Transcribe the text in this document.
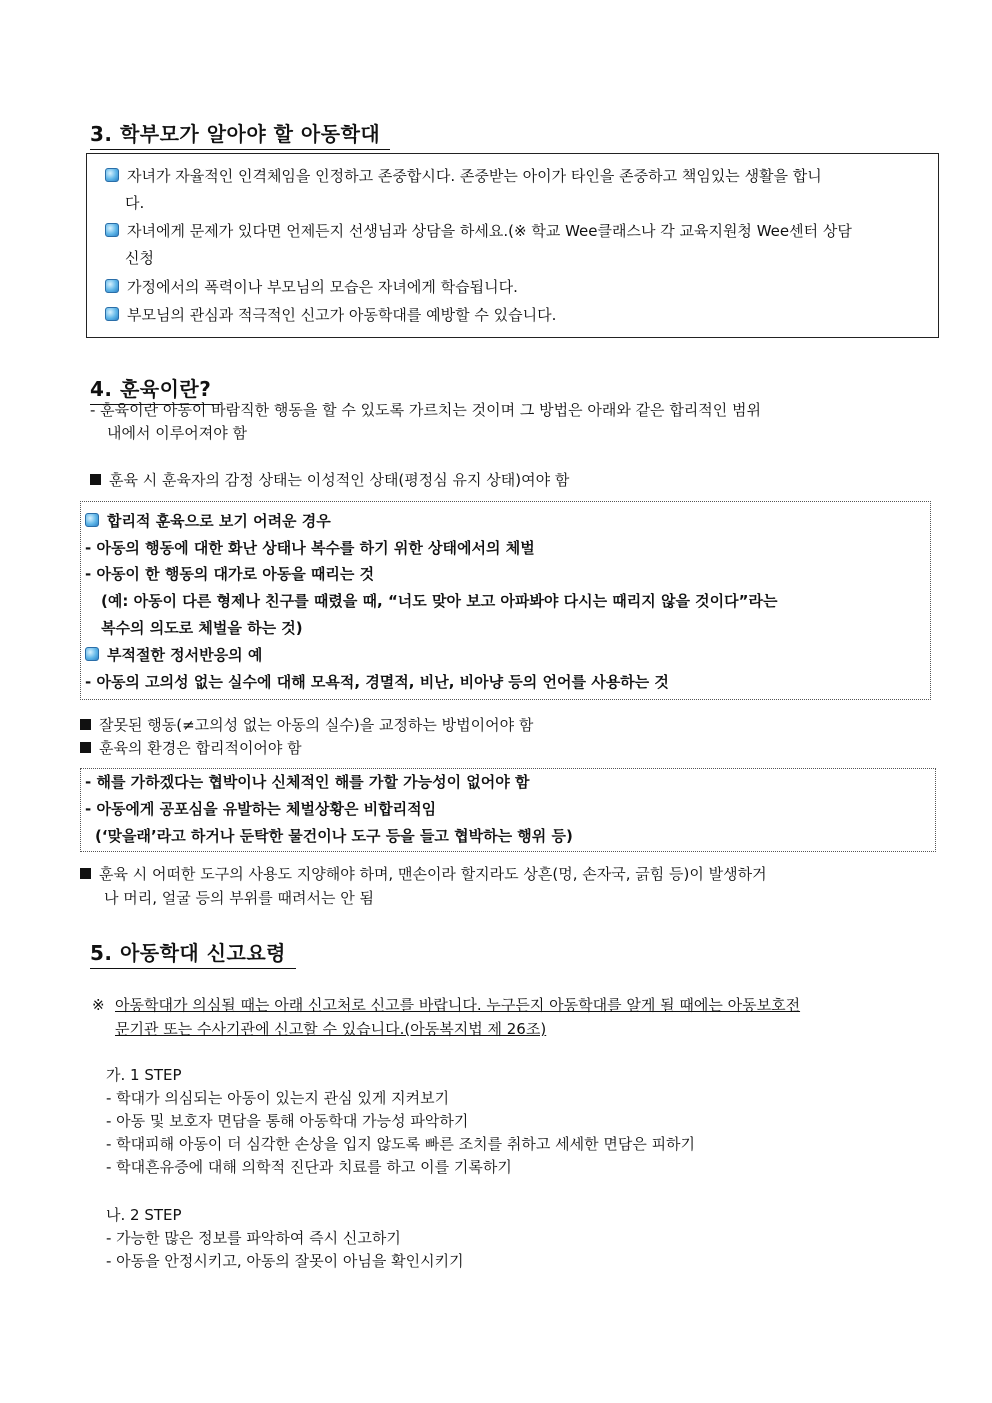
3. 학부모가 알아야 할 아동학대
자녀가 자율적인 인격체임을 인정하고 존중합시다. 존중받는 아이가 타인을 존중하고 책임있는 생활을 합니
다.
자녀에게 문제가 있다면 언제든지 선생님과 상담을 하세요.(※ 학교 Wee클래스나 각 교육지원청 Wee센터 상담
신청
가정에서의 폭력이나 부모님의 모습은 자녀에게 학습됩니다.
부모님의 관심과 적극적인 신고가 아동학대를 예방할 수 있습니다.
4. 훈육이란?
- 훈육이란 아동이 바람직한 행동을 할 수 있도록 가르치는 것이며 그 방법은 아래와 같은 합리적인 범위
내에서 이루어져야 함
훈육 시 훈육자의 감정 상태는 이성적인 상태(평정심 유지 상태)여야 함
합리적 훈육으로 보기 어려운 경우
- 아동의 행동에 대한 화난 상태나 복수를 하기 위한 상태에서의 체벌
- 아동이 한 행동의 대가로 아동을 때리는 것
(예: 아동이 다른 형제나 친구를 때렸을 때, “너도 맞아 보고 아파봐야 다시는 때리지 않을 것이다”라는
복수의 의도로 체벌을 하는 것)
부적절한 정서반응의 예
- 아동의 고의성 없는 실수에 대해 모욕적, 경멸적, 비난, 비아냥 등의 언어를 사용하는 것
잘못된 행동(≠고의성 없는 아동의 실수)을 교정하는 방법이어야 함
훈육의 환경은 합리적이어야 함
- 해를 가하겠다는 협박이나 신체적인 해를 가할 가능성이 없어야 함
- 아동에게 공포심을 유발하는 체벌상황은 비합리적임
(‘맞을래’라고 하거나 둔탁한 물건이나 도구 등을 들고 협박하는 행위 등)
훈육 시 어떠한 도구의 사용도 지양해야 하며, 맨손이라 할지라도 상흔(멍, 손자국, 긁힘 등)이 발생하거
나 머리, 얼굴 등의 부위를 때려서는 안 됨
5. 아동학대 신고요령
※ 아동학대가 의심될 때는 아래 신고처로 신고를 바랍니다. 누구든지 아동학대를 알게 될 때에는 아동보호전
문기관 또는 수사기관에 신고할 수 있습니다.(아동복지법 제 26조)
가. 1 STEP
- 학대가 의심되는 아동이 있는지 관심 있게 지켜보기
- 아동 및 보호자 면담을 통해 아동학대 가능성 파악하기
- 학대피해 아동이 더 심각한 손상을 입지 않도록 빠른 조치를 취하고 세세한 면담은 피하기
- 학대흔유증에 대해 의학적 진단과 치료를 하고 이를 기록하기
나. 2 STEP
- 가능한 많은 정보를 파악하여 즉시 신고하기
- 아동을 안정시키고, 아동의 잘못이 아님을 확인시키기
